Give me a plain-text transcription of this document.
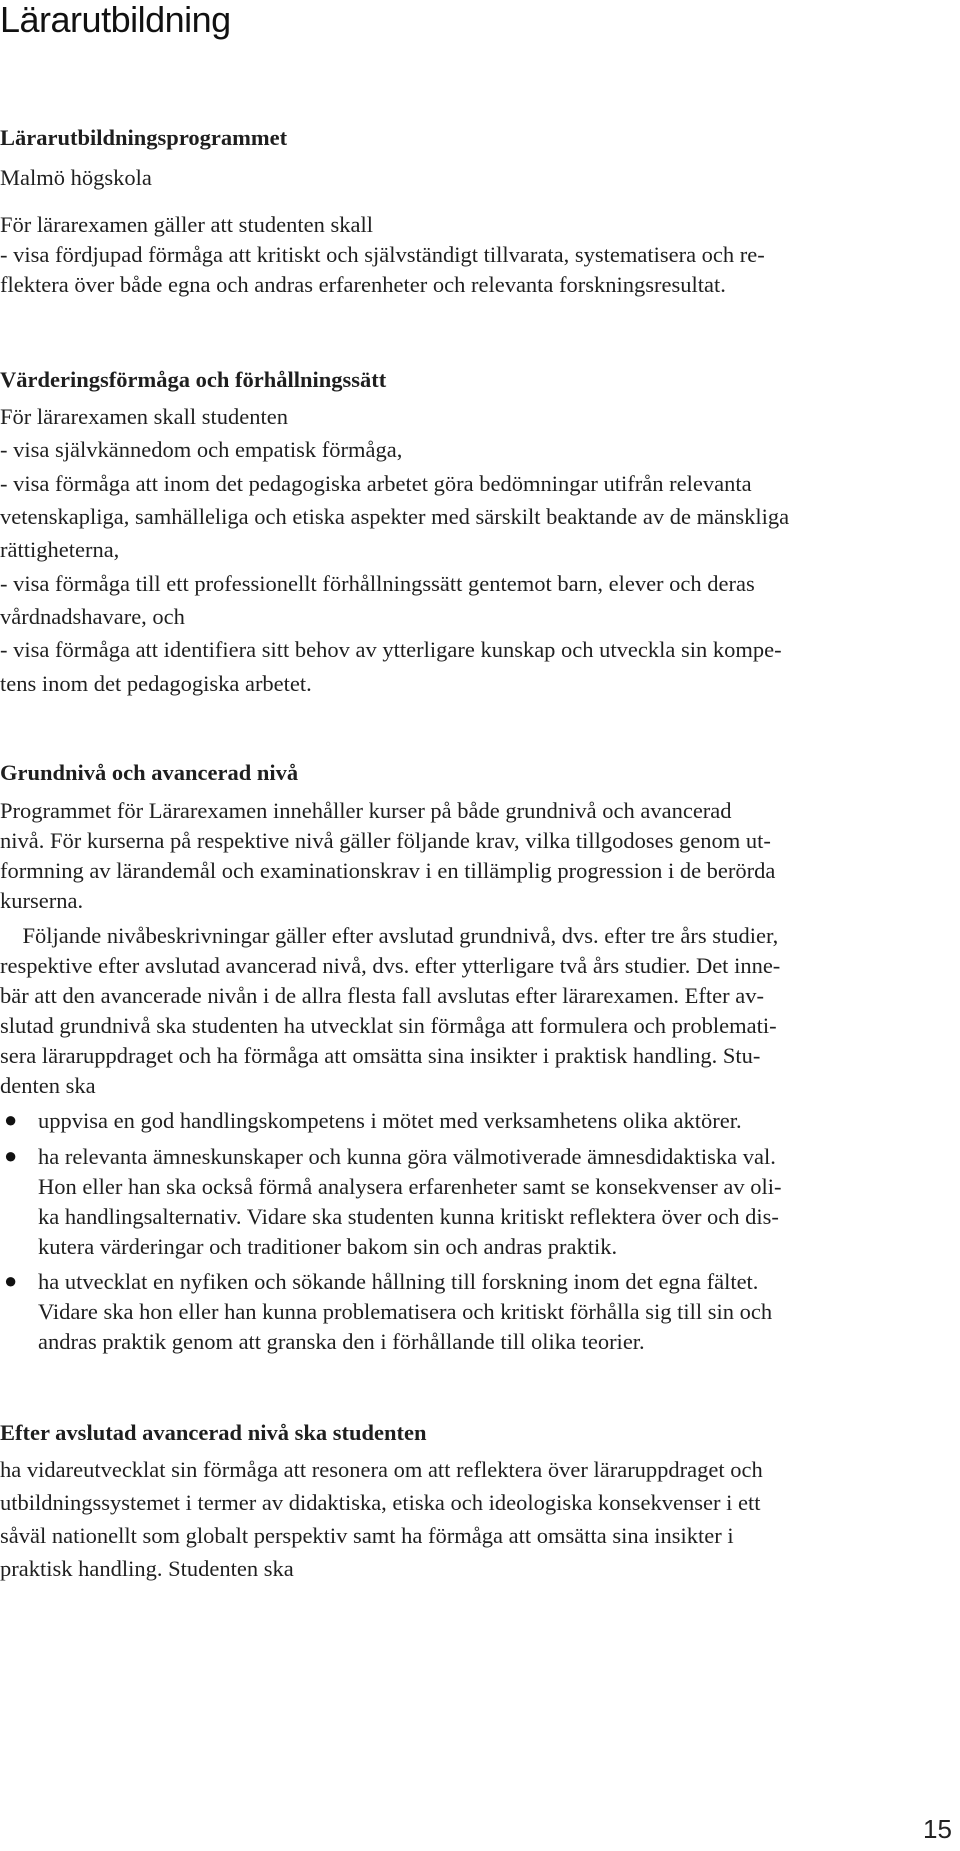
Lärarutbildning
Lärarutbildningsprogrammet
Malmö högskola
För lärarexamen gäller att studenten skall
- visa fördjupad förmåga att kritiskt och självständigt tillvarata, systematisera och re-
flektera över både egna och andras erfarenheter och relevanta forskningsresultat.
Värderingsförmåga och förhållningssätt
För lärarexamen skall studenten
- visa självkännedom och empatisk förmåga,
- visa förmåga att inom det pedagogiska arbetet göra bedömningar utifrån relevanta
vetenskapliga, samhälleliga och etiska aspekter med särskilt beaktande av de mänskliga
rättigheterna,
- visa förmåga till ett professionellt förhållningssätt gentemot barn, elever och deras
vårdnadshavare, och
- visa förmåga att identifiera sitt behov av ytterligare kunskap och utveckla sin kompe-
tens inom det pedagogiska arbetet.
Grundnivå och avancerad nivå
Programmet för Lärarexamen innehåller kurser på både grundnivå och avancerad
nivå. För kurserna på respektive nivå gäller följande krav, vilka tillgodoses genom ut-
formning av lärandemål och examinationskrav i en tillämplig progression i de berörda
kurserna.
Följande nivåbeskrivningar gäller efter avslutad grundnivå, dvs. efter tre års studier,
respektive efter avslutad avancerad nivå, dvs. efter ytterligare två års studier. Det inne-
bär att den avancerade nivån i de allra flesta fall avslutas efter lärarexamen. Efter av-
slutad grundnivå ska studenten ha utvecklat sin förmåga att formulera och problemati-
sera läraruppdraget och ha förmåga att omsätta sina insikter i praktisk handling. Stu-
denten ska
● uppvisa en god handlingskompetens i mötet med verksamhetens olika aktörer.
● ha relevanta ämneskunskaper och kunna göra välmotiverade ämnesdidaktiska val.
Hon eller han ska också förmå analysera erfarenheter samt se konsekvenser av oli-
ka handlingsalternativ. Vidare ska studenten kunna kritiskt reflektera över och dis-
kutera värderingar och traditioner bakom sin och andras praktik.
● ha utvecklat en nyfiken och sökande hållning till forskning inom det egna fältet.
Vidare ska hon eller han kunna problematisera och kritiskt förhålla sig till sin och
andras praktik genom att granska den i förhållande till olika teorier.
Efter avslutad avancerad nivå ska studenten
ha vidareutvecklat sin förmåga att resonera om att reflektera över läraruppdraget och
utbildningssystemet i termer av didaktiska, etiska och ideologiska konsekvenser i ett
såväl nationellt som globalt perspektiv samt ha förmåga att omsätta sina insikter i
praktisk handling. Studenten ska
15
